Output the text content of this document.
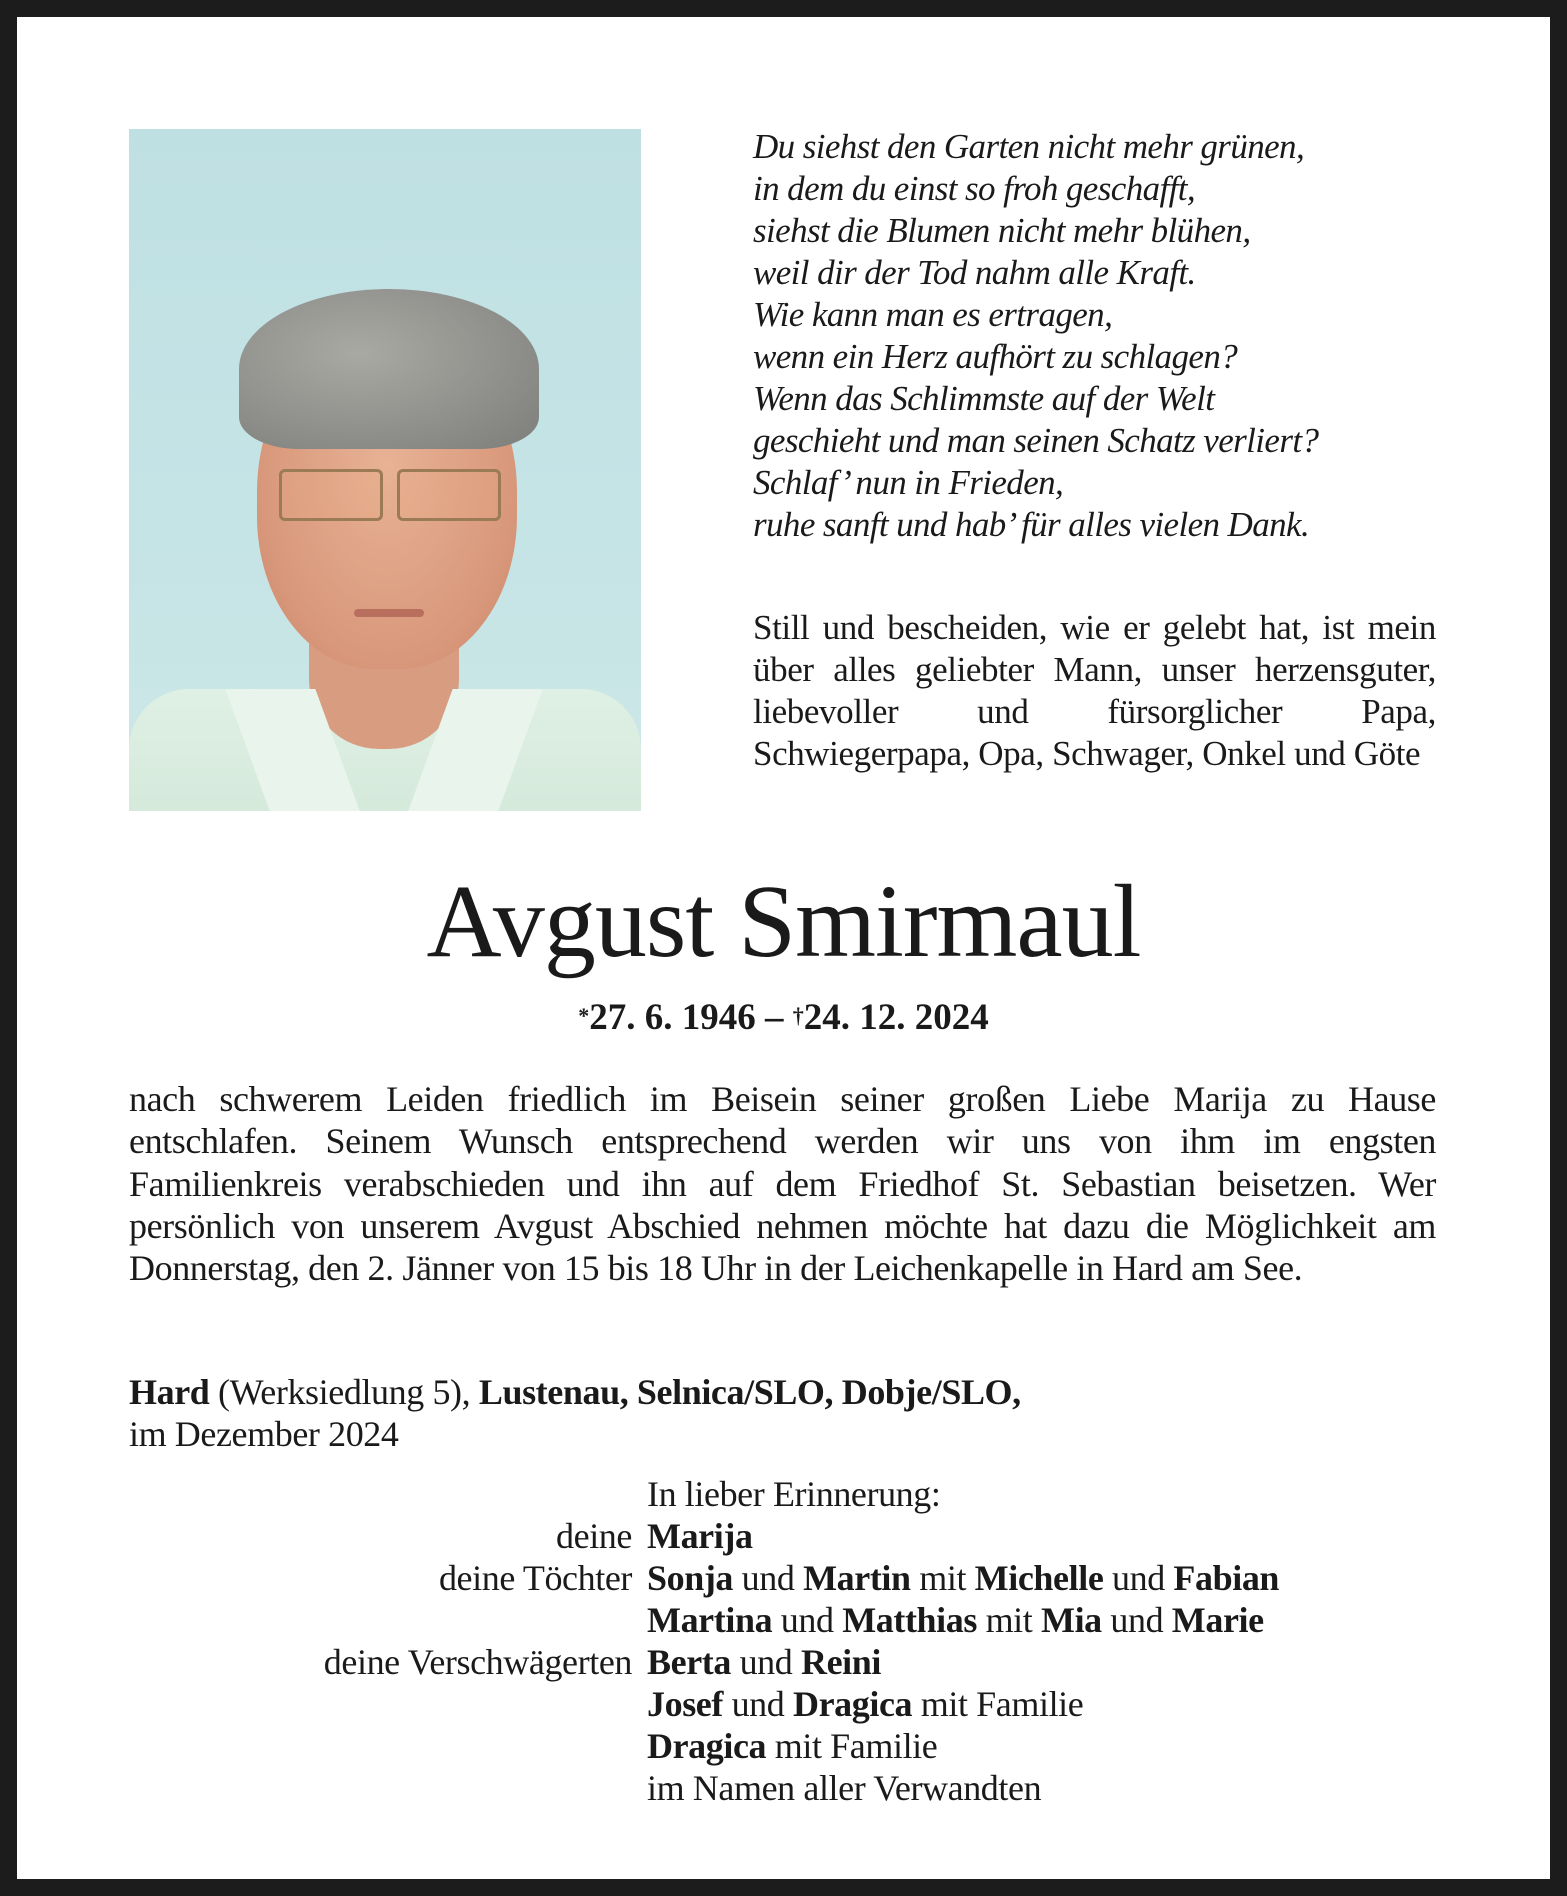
Du siehst den Garten nicht mehr grünen,
in dem du einst so froh geschafft,
siehst die Blumen nicht mehr blühen,
weil dir der Tod nahm alle Kraft.
Wie kann man es ertragen,
wenn ein Herz aufhört zu schlagen?
Wenn das Schlimmste auf der Welt
geschieht und man seinen Schatz verliert?
Schlaf’ nun in Frieden,
ruhe sanft und hab’ für alles vielen Dank.
Still und bescheiden, wie er gelebt hat, ist mein über alles geliebter Mann, unser herzensguter, liebevoller und fürsorglicher Papa, Schwiegerpapa, Opa, Schwager, Onkel und Göte
Avgust Smirmaul
*27. 6. 1946 – †24. 12. 2024
nach schwerem Leiden friedlich im Beisein seiner großen Liebe Marija zu Hause entschlafen. Seinem Wunsch entsprechend werden wir uns von ihm im engsten Familienkreis verabschieden und ihn auf dem Friedhof St. Sebastian beisetzen. Wer persönlich von unserem Avgust Abschied nehmen möchte hat dazu die Möglichkeit am Donnerstag, den 2. Jänner von 15 bis 18 Uhr in der Leichenkapelle in Hard am See.
Hard (Werksiedlung 5), Lustenau, Selnica/SLO, Dobje/SLO,
im Dezember 2024
In lieber Erinnerung:
deine Marija
deine Töchter Sonja und Martin mit Michelle und Fabian
Martina und Matthias mit Mia und Marie
deine Verschwägerten Berta und Reini
Josef und Dragica mit Familie
Dragica mit Familie
im Namen aller Verwandten
